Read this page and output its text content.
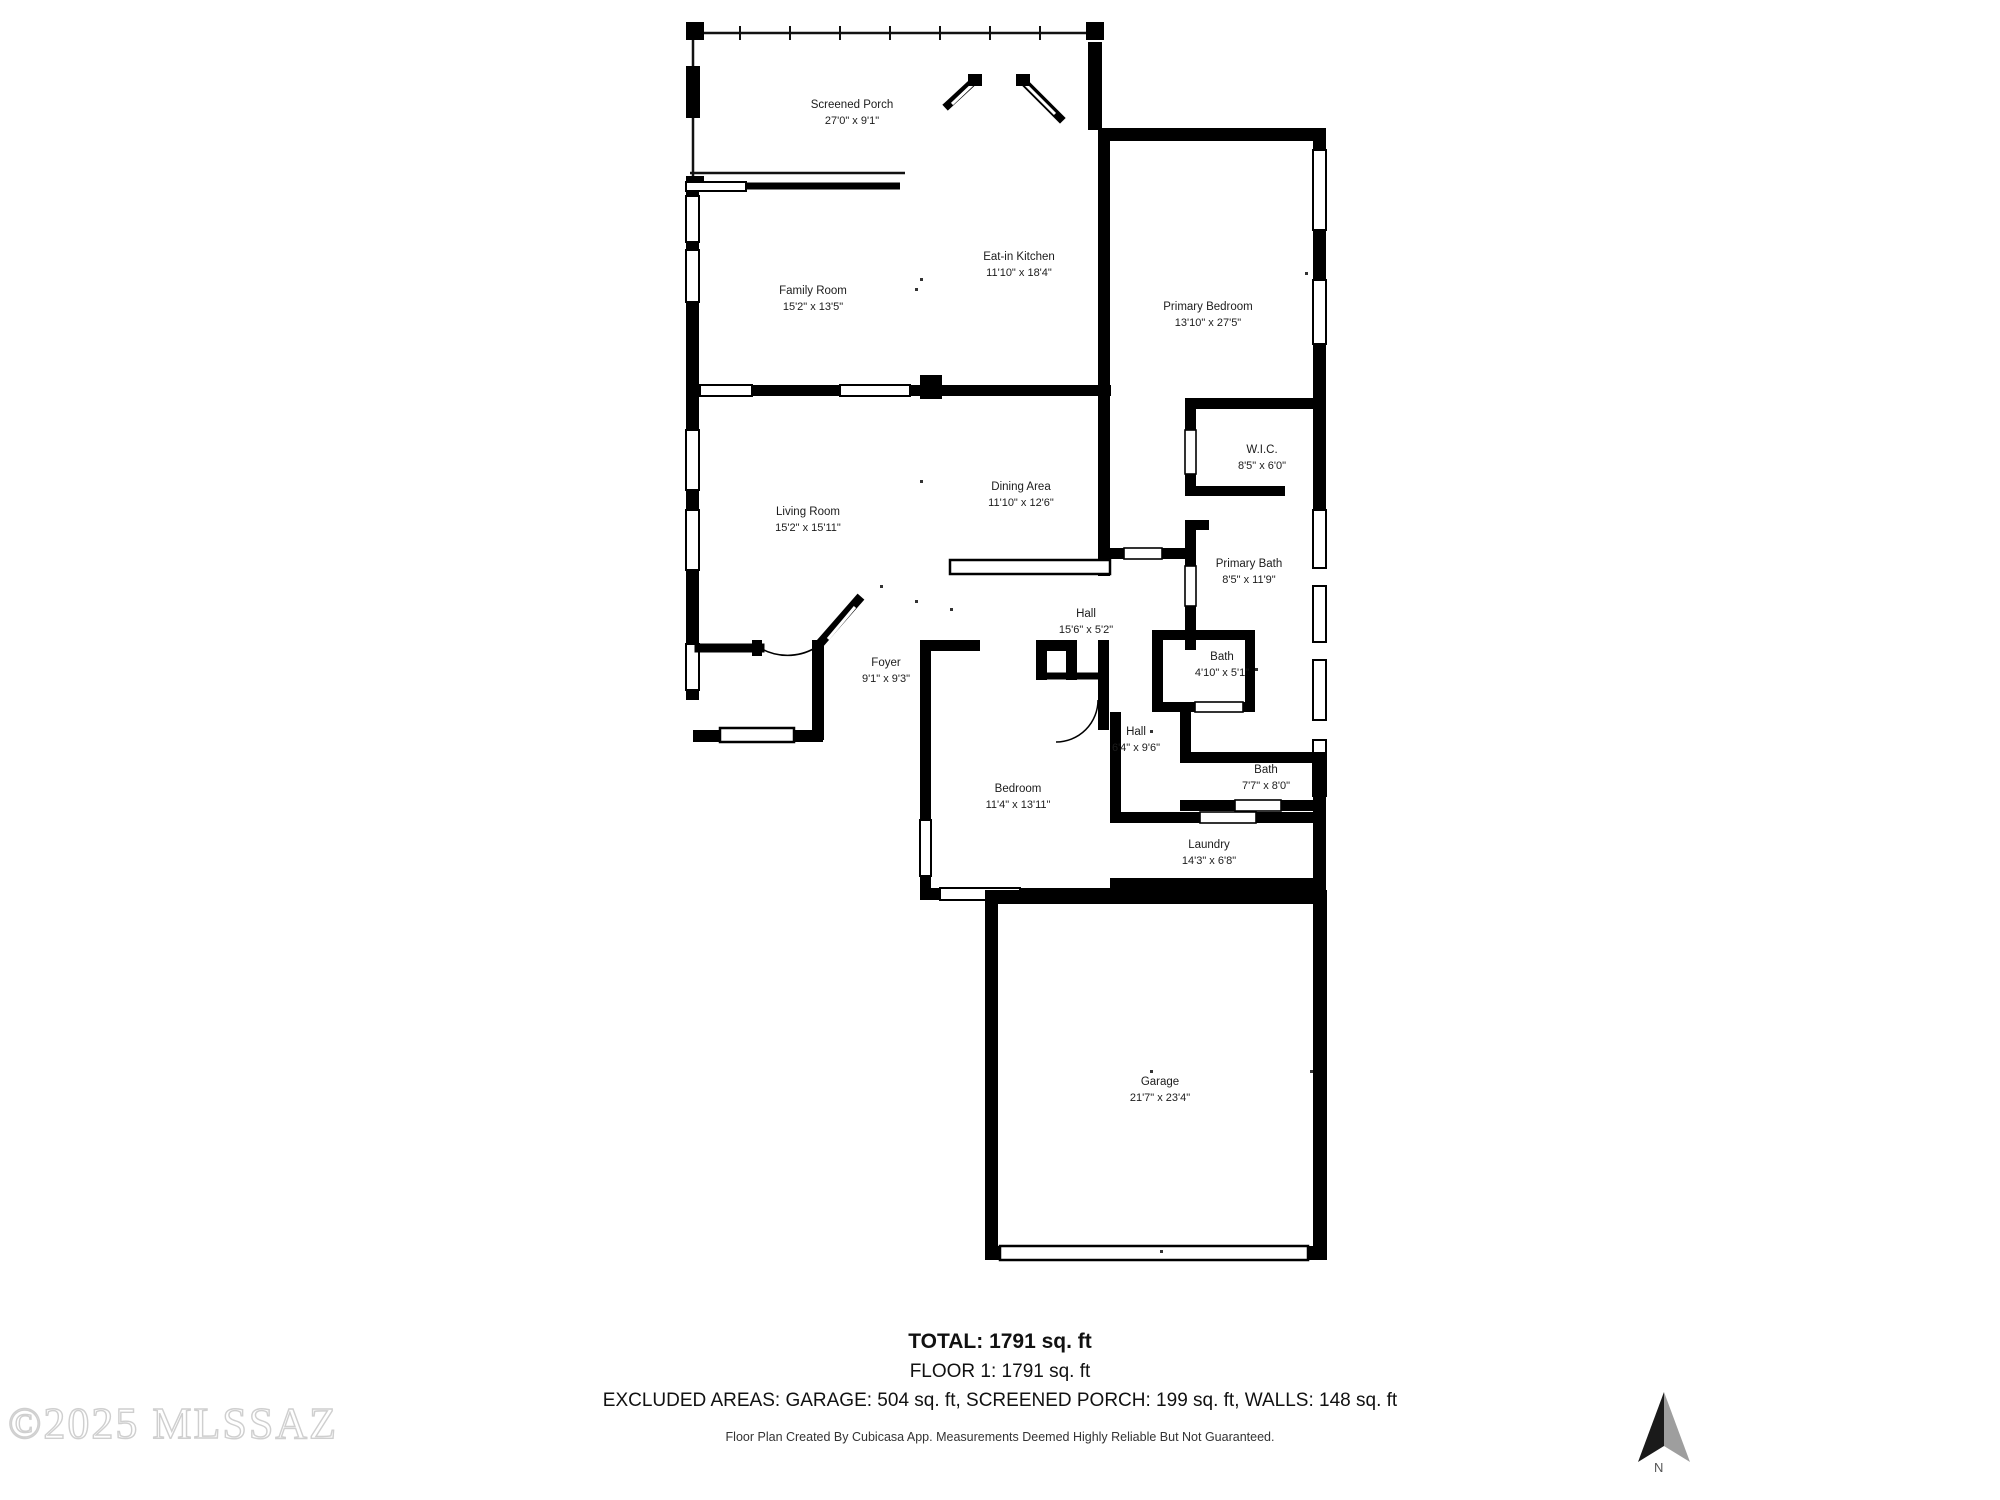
Screened Porch
27'0" x 9'1"
Eat-in Kitchen
11'10" x 18'4"
Family Room
15'2" x 13'5"	Primary Bedroom
13'10" x 27'5"
W.I.C.
8'5" x 6'0"
Living Room
15'2" x 15'11"
Dining Area
11'10" x 12'6"
Primary Bath
8'5" x 11'9"
Hall
15'6" x 5'2"
Bath
4'10" x 5'1"
Foyer
9'1" x 9'3"
Hall
6'4" x 9'6"
Bath
7'7" x 8'0"
Bedroom
11'4" x 13'11"
Laundry
14'3" x 6'8"
Garage
21'7" x 23'4"
TOTAL: 1791 sq. ft
FLOOR 1: 1791 sq. ft
EXCLUDED AREAS: GARAGE: 504 sq. ft, SCREENED PORCH: 199 sq. ft, WALLS: 148 sq. ft
Floor Plan Created By Cubicasa App. Measurements Deemed Highly Reliable But Not Guaranteed.
©2025 MLSSAZ
N
